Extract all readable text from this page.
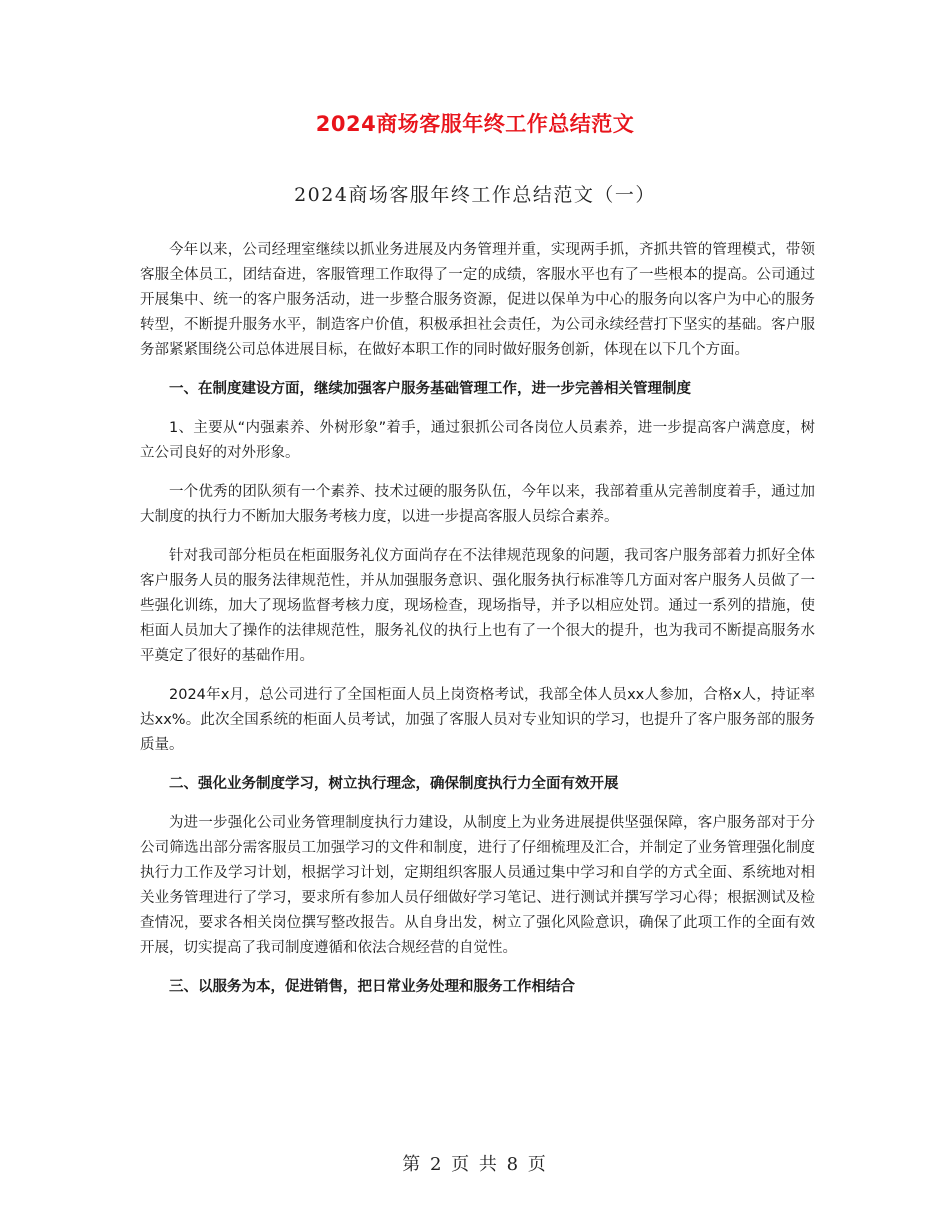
2024商场客服年终工作总结范文
2024商场客服年终工作总结范文（一）

今年以来，公司经理室继续以抓业务进展及内务管理并重，实现两手抓，齐抓共管的管理模式，带领客服全体员工，团结奋进，客服管理工作取得了一定的成绩，客服水平也有了一些根本的提高。公司通过开展集中、统一的客户服务活动，进一步整合服务资源，促进以保单为中心的服务向以客户为中心的服务转型，不断提升服务水平，制造客户价值，积极承担社会责任，为公司永续经营打下坚实的基础。客户服务部紧紧围绕公司总体进展目标，在做好本职工作的同时做好服务创新，体现在以下几个方面。

一、在制度建设方面，继续加强客户服务基础管理工作，进一步完善相关管理制度

1、主要从“内强素养、外树形象”着手，通过狠抓公司各岗位人员素养，进一步提高客户满意度，树立公司良好的对外形象。

一个优秀的团队须有一个素养、技术过硬的服务队伍，今年以来，我部着重从完善制度着手，通过加大制度的执行力不断加大服务考核力度，以进一步提高客服人员综合素养。

针对我司部分柜员在柜面服务礼仪方面尚存在不法律规范现象的问题，我司客户服务部着力抓好全体客户服务人员的服务法律规范性，并从加强服务意识、强化服务执行标准等几方面对客户服务人员做了一些强化训练，加大了现场监督考核力度，现场检查，现场指导，并予以相应处罚。通过一系列的措施，使柜面人员加大了操作的法律规范性，服务礼仪的执行上也有了一个很大的提升，也为我司不断提高服务水平奠定了很好的基础作用。

2024年x月，总公司进行了全国柜面人员上岗资格考试，我部全体人员xx人参加，合格x人，持证率达xx%。此次全国系统的柜面人员考试，加强了客服人员对专业知识的学习，也提升了客户服务部的服务质量。

二、强化业务制度学习，树立执行理念，确保制度执行力全面有效开展

为进一步强化公司业务管理制度执行力建设，从制度上为业务进展提供坚强保障，客户服务部对于分公司筛选出部分需客服员工加强学习的文件和制度，进行了仔细梳理及汇合，并制定了业务管理强化制度执行力工作及学习计划，根据学习计划，定期组织客服人员通过集中学习和自学的方式全面、系统地对相关业务管理进行了学习，要求所有参加人员仔细做好学习笔记、进行测试并撰写学习心得；根据测试及检查情况，要求各相关岗位撰写整改报告。从自身出发，树立了强化风险意识，确保了此项工作的全面有效开展，切实提高了我司制度遵循和依法合规经营的自觉性。

三、以服务为本，促进销售，把日常业务处理和服务工作相结合

第 2 页 共 8 页
